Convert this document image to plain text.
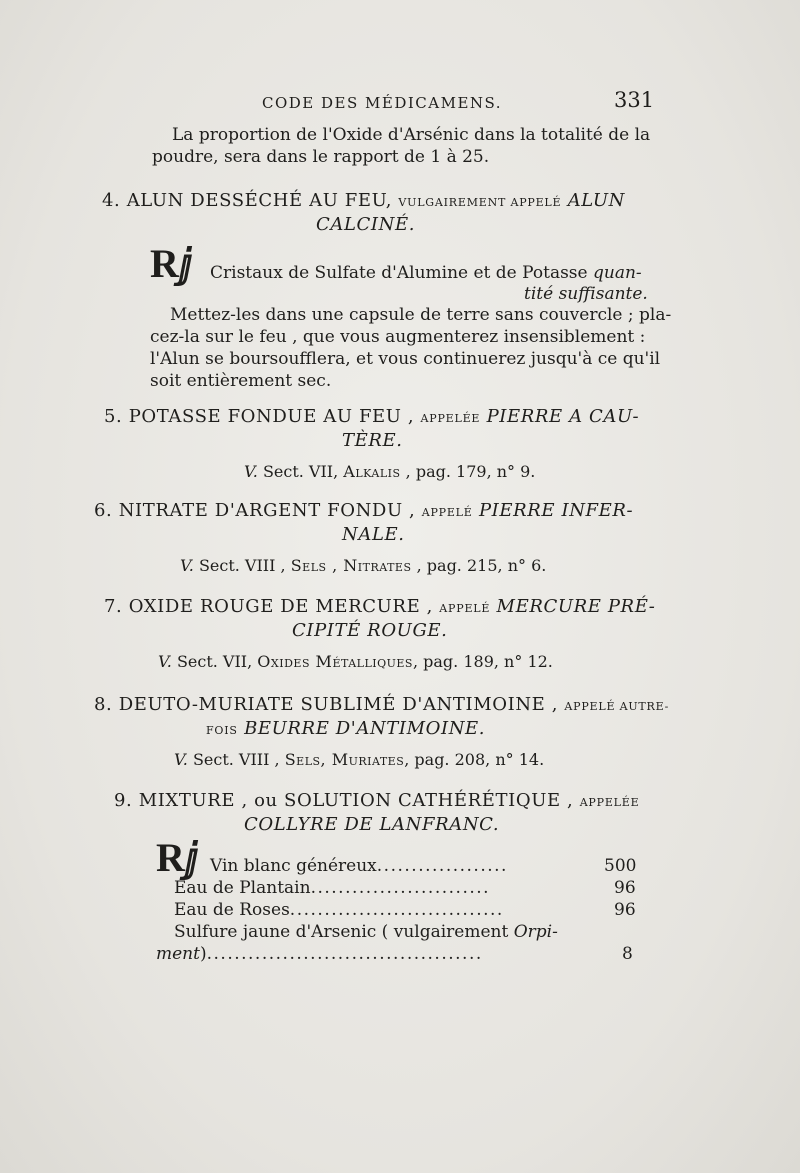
CODE DES MÉDICAMENS.	331
La proportion de l'Oxide d'Arsénic dans la totalité de la
poudre, sera dans le rapport de 1 à 25.
4. ALUN DESSÉCHÉ AU FEU, VULGAIREMENT APPELÉ ALUN
CALCINÉ.
Rⅉ Cristaux de Sulfate d'Alumine et de Potasse quan-
tité suffisante.
Mettez-les dans une capsule de terre sans couvercle ; pla-
cez-la sur le feu , que vous augmenterez insensiblement :
l'Alun se boursoufflera, et vous continuerez jusqu'à ce qu'il
soit entièrement sec.
5. POTASSE FONDUE AU FEU , APPELÉE PIERRE A CAU-
TÈRE.
V. Sect. VII, Alkalis , pag. 179, n° 9.
6. NITRATE D'ARGENT FONDU , APPELÉ PIERRE INFER-
NALE.
V. Sect. VIII , Sels , Nitrates , pag. 215, n° 6.
7. OXIDE ROUGE DE MERCURE , APPELÉ MERCURE PRÉ-
CIPITÉ ROUGE.
V. Sect. VII, Oxides Métalliques, pag. 189, n° 12.
8. DEUTO-MURIATE SUBLIMÉ D'ANTIMOINE , APPELÉ AUTRE-
FOIS BEURRE D'ANTIMOINE.
V. Sect. VIII , Sels, Muriates, pag. 208, n° 14.
9. MIXTURE , ou SOLUTION CATHÉRÉTIQUE , APPELÉE
COLLYRE DE LANFRANC.
Rⅉ Vin blanc généreux...................	500
Eau de Plantain..........................	96
Eau de Roses...............................	96
Sulfure jaune d'Arsenic ( vulgairement Orpi-
ment)........................................	8
